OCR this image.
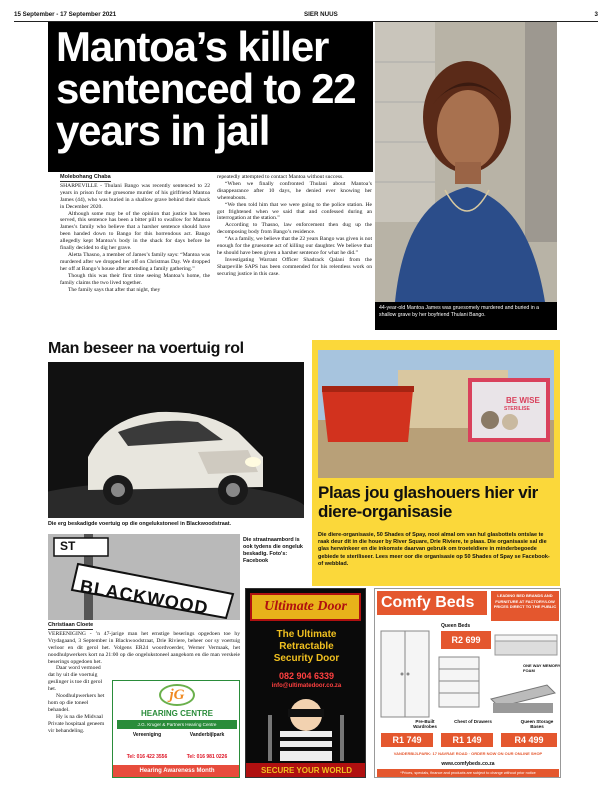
15 September - 17 September 2021	SIER NUUS	3
Mantoa’s killer sentenced to 22 years in jail
44-year-old Mantoa James was gruesomely murdered and buried in a shallow grave by her boyfriend Thulani Bango.
Molebohang Chaba

SHARPEVILLE - Thulani Bango was recently sentenced to 22 years in prison for the gruesome murder of his girlfriend Mantoa James (44), who was buried in a shallow grave behind their shack in December 2020.

Although some may be of the opinion that justice has been served, this sentence has been a bitter pill to swallow for Mantoa James’s family who believe that a harsher sentence should have been handed down to Bango for this horrendous act. Bango allegedly kept Mantoa’s body in the shack for days before he finally decided to dig her grave.

Aletta Thasno, a member of James’s family says: “Mantoa was murdered after we dropped her off on Christmas Day. We dropped her off at Bango’s house after attending a family gathering.”

Though this was their first time seeing Mantoa’s home, the family claims the two lived together.

The family says that after that night, they

repeatedly attempted to contact Mantoa without success.

“When we finally confronted Thulani about Mantoa’s disappearance after 10 days, he denied ever knowing her whereabouts.

“We then told him that we were going to the police station. He got frightened when we said that and confessed during an interrogation at the station.”

According to Thasno, law enforcement then dug up the decomposing body from Bango’s residence.

“As a family, we believe that the 22 years Bango was given is not enough for the gruesome act of killing our daughter. We believe that he should have been given a harsher sentence for what he did.”

Investigating Warrant Officer Shadrack Qalani from the Sharpeville SAPS has been commended for his relentless work on securing justice in this case.

Man beseer na voertuig rol
Die erg beskadigde voertuig op die ongelukstoneel in Blackwoodstraat.
ST
BLACKWOOD
Die straatnaambord is ook tydens die ongeluk beskadig. Foto's: Facebook
Christiaan Cloete

VEREENIGING - ’n 47-jarige man het ernstige beserings opgedoen toe hy Vrydagaand, 3 September in Blackwoodstraat, Drie Riviere, beheer oor sy voertuig verloor en dit gerol het. Volgens ER24 woordvoerder, Werner Vermaak, het noodhulpwerkers kort na 21:00 op die ongelukstoneel aangekom en die man verskeie beserings opgedoen het.

Daar word vermoed dat hy uit die voertuig geslinger is toe dit gerol het.

Noodhulpwerkers het hom op die toneel behandel.

Hy is na die Midvaal Private hospitaal geneem vir behandeling.

jG
HEARING CENTRE
J.G. Kruger & Partners Hearing Centre
Vereeniging	Vanderbijlpark
Tel: 016 422 3556	Tel: 016 981 0226
Hearing Awareness Month
BE WISE
STERILISE
Plaas jou glashouers hier vir diere-organisasie
Die diere-organisasie, 50 Shades of Spay, nooi almal om van hul glasbottels ontslae te raak deur dit in die houer by River Square, Drie Riviere, te plaas. Die organisasie sal die glas herwinkeer en die inkomste daarvan gebruik om troeteldiere in minderbegoede gebiede te steriliseer. Lees meer oor die organisasie op 50 Shades of Spay se Facebook- of webblad.
Ultimate Door
The Ultimate
Retractable
Security Door
082 904 6339
info@ultimatedoor.co.za
SECURE YOUR WORLD
Comfy Beds	LEADING BED BRANDS AND FURNITURE AT FACTORY/LOW PRICES DIRECT TO THE PUBLIC
Queen Beds
R2 699
ONE WAY MEMORY FOAM
Pre-Built Wardrobes
Chest of Drawers	Queen Storage Bases
R1 749	R1 149	R4 499
VANDERBIJLPARK: 17 NAVRAE ROAD · ORDER NOW ON OUR ONLINE SHOP
www.comfybeds.co.za
*Prices, specials, finance and products are subject to change without prior notice
